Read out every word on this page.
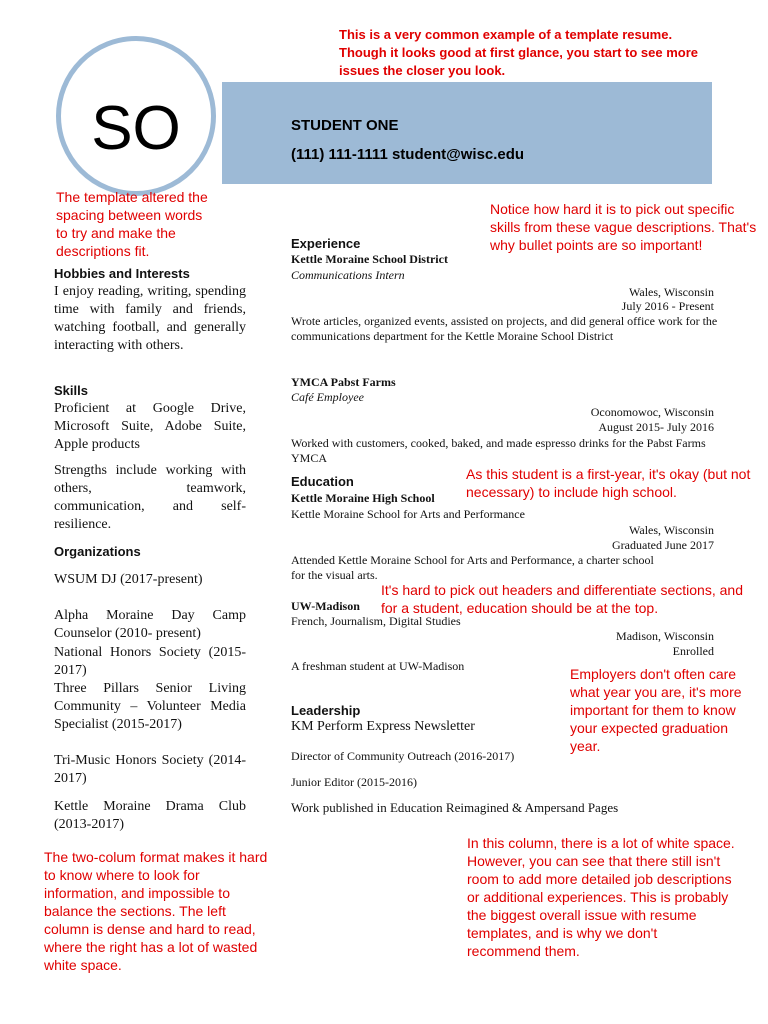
SO	STUDENT ONE
(111) 111-1111 student@wisc.edu
This is a very common example of a template resume. Though it looks good at first glance, you start to see more issues the closer you look.
The template altered the spacing between words to try and make the descriptions fit.
Notice how hard it is to pick out specific skills from these vague descriptions. That's why bullet points are so important!
As this student is a first-year, it's okay (but not necessary) to include high school.
It's hard to pick out headers and differentiate sections, and for a student, education should be at the top.
Employers don't often care what year you are, it's more important for them to know your expected graduation year.
The two-colum format makes it hard to know where to look for information, and impossible to balance the sections. The left column is dense and hard to read, where the right has a lot of wasted white space.
In this column, there is a lot of white space. However, you can see that there still isn't room to add more detailed job descriptions or additional experiences. This is probably the biggest overall issue with resume templates, and is why we don't recommend them.
Hobbies and Interests
I enjoy reading, writing, spending time with family and friends, watching football, and generally interacting with others.
Skills
Proficient at Google Drive, Microsoft Suite, Adobe Suite, Apple products
Strengths include working with others, teamwork, communication, and self-resilience.
Organizations
WSUM DJ (2017-present)
Alpha Moraine Day Camp Counselor (2010- present)
National Honors Society (2015-2017)
Three Pillars Senior Living Community – Volunteer Media Specialist (2015-2017)
Tri-Music Honors Society (2014-2017)
Kettle Moraine Drama Club (2013-2017)
Experience
Kettle Moraine School District
Communications Intern
Wales, Wisconsin
July 2016 - Present
Wrote articles, organized events, assisted on projects, and did general office work for the communications department for the Kettle Moraine School District
YMCA Pabst Farms
Café Employee
Oconomowoc, Wisconsin
August 2015- July 2016
Worked with customers, cooked, baked, and made espresso drinks for the Pabst Farms YMCA
Education
Kettle Moraine High School
Kettle Moraine School for Arts and Performance
Wales, Wisconsin
Graduated June 2017
Attended Kettle Moraine School for Arts and Performance, a charter school for the visual arts.
UW-Madison
French, Journalism, Digital Studies
Madison, Wisconsin
Enrolled
A freshman student at UW-Madison
Leadership
KM Perform Express Newsletter
Director of Community Outreach (2016-2017)
Junior Editor (2015-2016)
Work published in Education Reimagined & Ampersand Pages
